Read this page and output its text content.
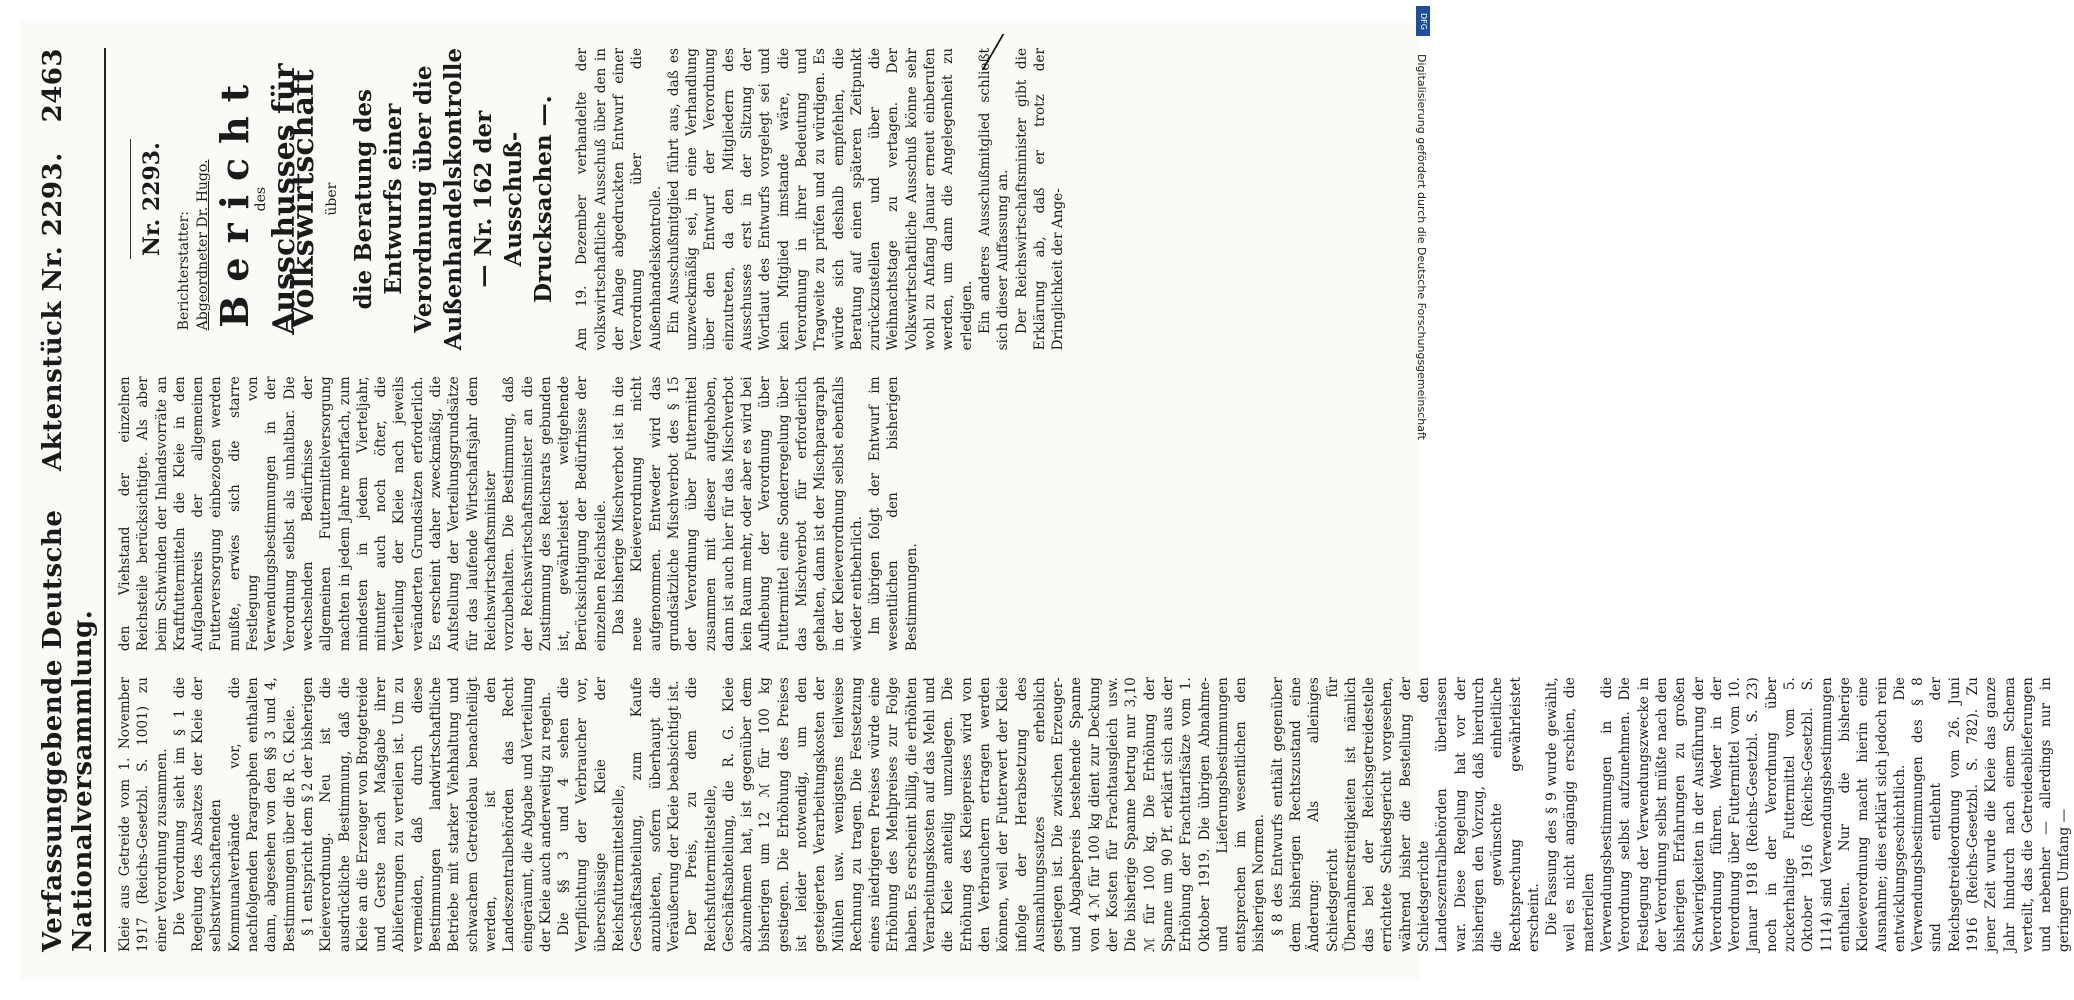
Verfassunggebende Deutsche Nationalversammlung.
Aktenstück Nr. 2293.
2463

Kleie aus Getreide vom 1. November 1917 (Reichs-Gesetzbl. S. 1001) zu einer Verordnung zusammen. Die Verordnung sieht im § 1 die Regelung des Absatzes der Kleie der selbstwirtschaftenden Kommunalverbände vor, die nachfolgenden Paragraphen enthalten dann, abgesehen von den §§ 3 und 4, Bestimmungen über die R. G. Kleie. § 1 entspricht dem § 2 der bisherigen Kleieverordnung. Neu ist die ausdrückliche Bestimmung, daß die Kleie an die Erzeuger von Brotgetreide und Gerste nach Maßgabe ihrer Ablieferungen zu verteilen ist. Um zu vermeiden, daß durch diese Bestimmungen landwirtschaftliche Betriebe mit starker Viehhaltung und schwachem Getreidebau benachteiligt werden, ist den Landeszentralbehörden das Recht eingeräumt, die Abgabe und Verteilung der Kleie auch anderweitig zu regeln. Die §§ 3 und 4 sehen die Verpflichtung der Verbraucher vor, überschüssige Kleie der Reichsfuttermittelstelle, Geschäftsabteilung, zum Kaufe anzubieten, sofern überhaupt die Veräußerung der Kleie beabsichtigt ist. Der Preis, zu dem die Reichsfuttermittelstelle, Geschäftsabteilung, die R. G. Kleie abzunehmen hat, ist gegenüber dem bisherigen um 12 ℳ für 100 kg gestiegen. Die Erhöhung des Preises ist leider notwendig, um den gesteigerten Verarbeitungskosten der Mühlen usw. wenigstens teilweise Rechnung zu tragen. Die Festsetzung eines niedrigeren Preises würde eine Erhöhung des Mehlpreises zur Folge haben. Es erscheint billig, die erhöhten Verarbeitungskosten auf das Mehl und die Kleie anteilig umzulegen. Die Erhöhung des Kleiepreises wird von den Verbrauchern ertragen werden können, weil der Futterwert der Kleie infolge der Herabsetzung des Ausmahlungssatzes erheblich gestiegen ist. Die zwischen Erzeuger- und Abgabepreis bestehende Spanne von 4 ℳ für 100 kg dient zur Deckung der Kosten für Frachtausgleich usw. Die bisherige Spanne betrug nur 3,10 ℳ für 100 kg. Die Erhöhung der Spanne um 90 Pf. erklärt sich aus der Erhöhung der Frachttarifsätze vom 1. Oktober 1919. Die übrigen Abnahme- und Lieferungsbestimmungen entsprechen im wesentlichen den bisherigen Normen. § 8 des Entwurfs enthält gegenüber dem bisherigen Rechtszustand eine Änderung: Als alleiniges Schiedsgericht für Übernahmestreitigkeiten ist nämlich das bei der Reichsgetreidestelle errichtete Schiedsgericht vorgesehen, während bisher die Bestellung der Schiedsgerichte den Landeszentralbehörden überlassen war. Diese Regelung hat vor der bisherigen den Vorzug, daß hierdurch die gewünschte einheitliche Rechtsprechung gewährleistet erscheint. Die Fassung des § 9 wurde gewählt, weil es nicht angängig erschien, die materiellen Verwendungsbestimmungen in die Verordnung selbst aufzunehmen. Die Festlegung der Verwendungszwecke in der Verordnung selbst müßte nach den bisherigen Erfahrungen zu großen Schwierigkeiten in der Ausführung der Verordnung führen. Weder in der Verordnung über Futtermittel vom 10. Januar 1918 (Reichs-Gesetzbl. S. 23) noch in der Verordnung über zuckerhaltige Futtermittel vom 5. Oktober 1916 (Reichs-Gesetzbl. S. 1114) sind Verwendungsbestimmungen enthalten. Nur die bisherige Kleieverordnung macht hierin eine Ausnahme; dies erklärt sich jedoch rein entwicklungsgeschichtlich. Die Verwendungsbestimmungen des § 8 sind entlehnt der Reichsgetreideordnung vom 26. Juni 1916 (Reichs-Gesetzbl. S. 782). Zu jener Zeit wurde die Kleie das ganze Jahr hindurch nach einem Schema verteilt, das die Getreideablieferungen und nebenher — allerdings nur in geringem Umfang —

den Viehstand der einzelnen Reichsteile berücksichtigte. Als aber beim Schwinden der Inlandsvorräte an Kraftfuttermitteln die Kleie in den Aufgabenkreis der allgemeinen Futterversorgung einbezogen werden mußte, erwies sich die starre Festlegung von Verwendungsbestimmungen in der Verordnung selbst als unhaltbar. Die wechselnden Bedürfnisse der allgemeinen Futtermittelversorgung machten in jedem Jahre mehrfach, zum mindesten in jedem Vierteljahr, mitunter auch noch öfter, die Verteilung der Kleie nach jeweils veränderten Grundsätzen erforderlich. Es erscheint daher zweckmäßig, die Aufstellung der Verteilungsgrundsätze für das laufende Wirtschaftsjahr dem Reichswirtschaftsminister vorzubehalten. Die Bestimmung, daß der Reichswirtschaftsminister an die Zustimmung des Reichsrats gebunden ist, gewährleistet weitgehende Berücksichtigung der Bedürfnisse der einzelnen Reichsteile. Das bisherige Mischverbot ist in die neue Kleieverordnung nicht aufgenommen. Entweder wird das grundsätzliche Mischverbot des § 15 der Verordnung über Futtermittel zusammen mit dieser aufgehoben, dann ist auch hier für das Mischverbot kein Raum mehr, oder aber es wird bei Aufhebung der Verordnung über Futtermittel eine Sonderregelung über das Mischverbot für erforderlich gehalten, dann ist der Mischparagraph in der Kleieverordnung selbst ebenfalls wieder entbehrlich. Im übrigen folgt der Entwurf im wesentlichen den bisherigen Bestimmungen.

Nr. 2293.
Berichterstatter: Abgeordneter Dr. Hugo. Bericht
des
Ausschusses für Volkswirtschaft über die Beratung des Entwurfs einer Verordnung über die Außenhandelskontrolle — Nr. 162 der Ausschuß-Drucksachen —. Am 19. Dezember verhandelte der volkswirtschaftliche Ausschuß über den in der Anlage abgedruckten Entwurf einer Verordnung über die Außenhandelskontrolle. Ein Ausschußmitglied führt aus, daß es unzweckmäßig sei, in eine Verhandlung über den Entwurf der Verordnung einzutreten, da den Mitgliedern des Ausschusses erst in der Sitzung der Wortlaut des Entwurfs vorgelegt sei und kein Mitglied imstande wäre, die Verordnung in ihrer Bedeutung und Tragweite zu prüfen und zu würdigen. Es würde sich deshalb empfehlen, die Beratung auf einen späteren Zeitpunkt zurückzustellen und über die Weihnachtstage zu vertagen. Der Volkswirtschaftliche Ausschuß könne sehr wohl zu Anfang Januar erneut einberufen werden, um dann die Angelegenheit zu erledigen. Ein anderes Ausschußmitglied schließt sich dieser Auffassung an. Der Reichswirtschaftsminister gibt die Erklärung ab, daß er trotz der Dringlichkeit der Ange-

DFG
Digitalisierung gefördert durch die Deutsche Forschungsgemeinschaft
